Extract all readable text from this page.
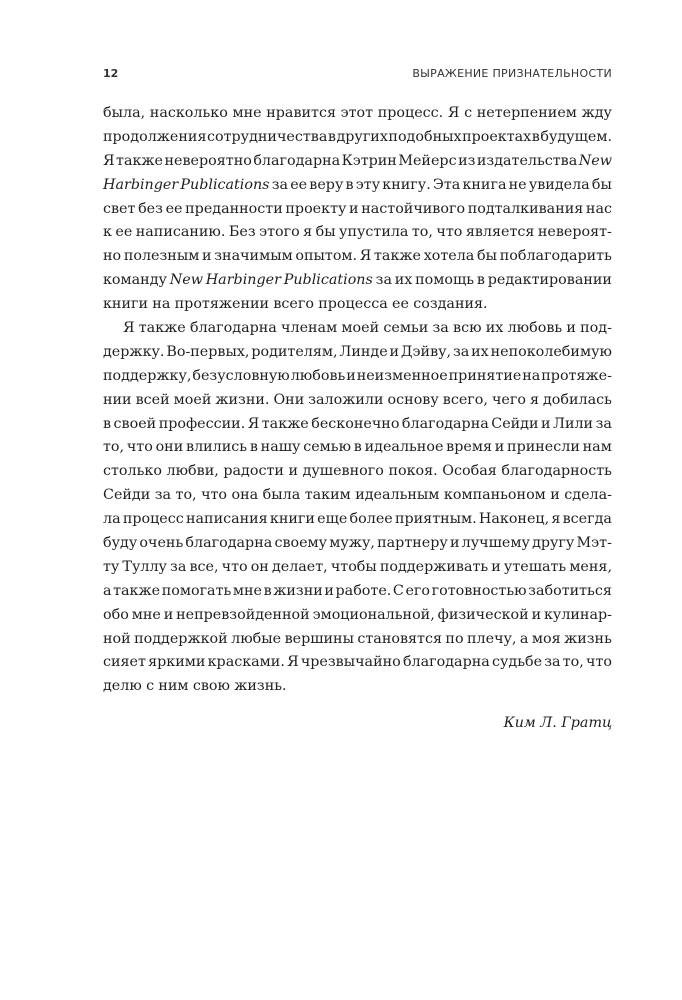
12	ВЫРАЖЕНИЕ ПРИЗНАТЕЛЬНОСТИ
была, насколько мне нравится этот процесс. Я с нетерпением жду
продолжения сотрудничества в других подобных проектах в будущем.
Я также невероятно благодарна Кэтрин Мейерс из издательства New
Harbinger Publications за ее веру в эту книгу. Эта книга не увидела бы
свет без ее преданности проекту и настойчивого подталкивания нас
к ее написанию. Без этого я бы упустила то, что является невероят-
но полезным и значимым опытом. Я также хотела бы поблагодарить
команду New Harbinger Publications за их помощь в редактировании
книги на протяжении всего процесса ее создания.
Я также благодарна членам моей семьи за всю их любовь и под-
держку. Во-первых, родителям, Линде и Дэйву, за их непоколебимую
поддержку, безусловную любовь и неизменное принятие на протяже-
нии всей моей жизни. Они заложили основу всего, чего я добилась
в своей профессии. Я также бесконечно благодарна Сейди и Лили за
то, что они влились в нашу семью в идеальное время и принесли нам
столько любви, радости и душевного покоя. Особая благодарность
Сейди за то, что она была таким идеальным компаньоном и сдела-
ла процесс написания книги еще более приятным. Наконец, я всегда
буду очень благодарна своему мужу, партнеру и лучшему другу Мэт-
ту Туллу за все, что он делает, чтобы поддерживать и утешать меня,
а также помогать мне в жизни и работе. С его готовностью заботиться
обо мне и непревзойденной эмоциональной, физической и кулинар-
ной поддержкой любые вершины становятся по плечу, а моя жизнь
сияет яркими красками. Я чрезвычайно благодарна судьбе за то, что
делю с ним свою жизнь.
Ким Л. Гратц
